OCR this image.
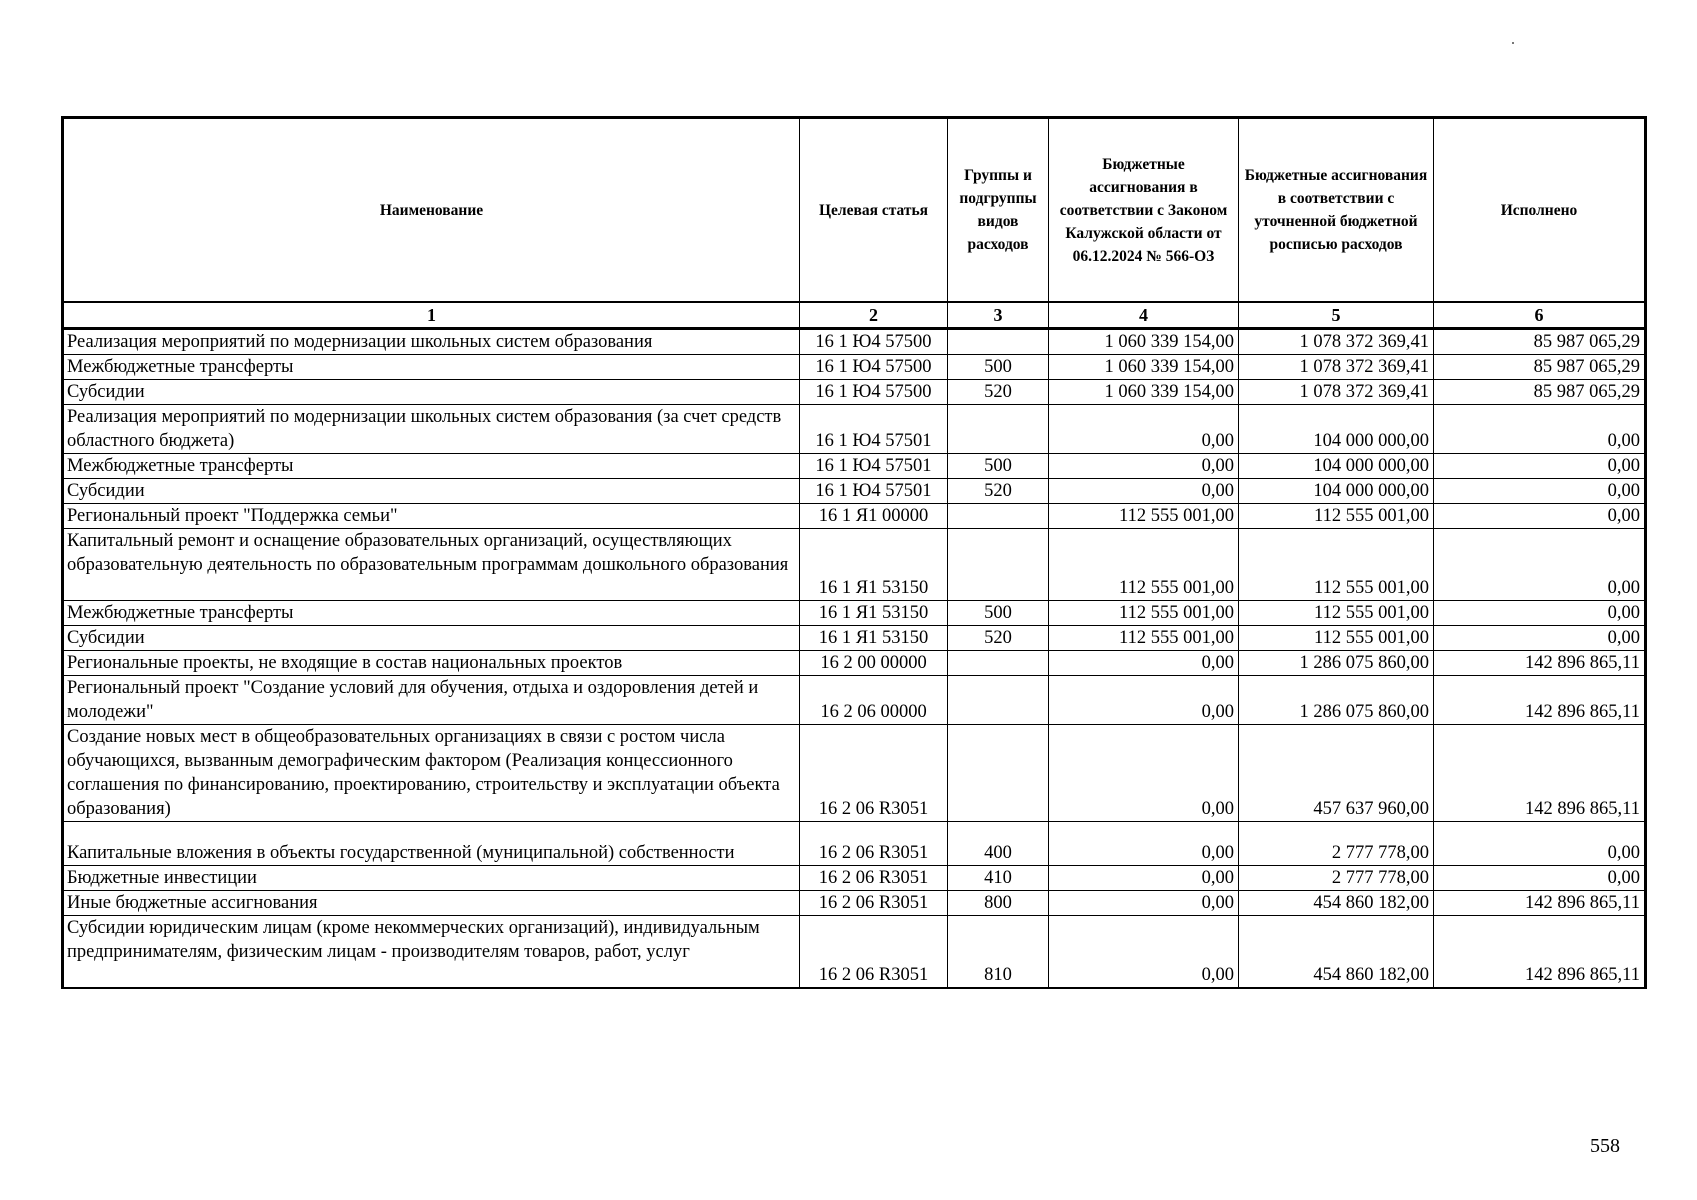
Наименование	Целевая статья	Группы и подгруппы видов расходов	Бюджетные ассигнования в соответствии с Законом Калужской области от 06.12.2024 № 566-ОЗ	Бюджетные ассигнования в соответствии с уточненной бюджетной росписью расходов	Исполнено
1	2	3	4	5	6
Реализация мероприятий по модернизации школьных систем образования	16 1 Ю4 57500		1 060 339 154,00	1 078 372 369,41	85 987 065,29
Межбюджетные трансферты	16 1 Ю4 57500	500	1 060 339 154,00	1 078 372 369,41	85 987 065,29
Субсидии	16 1 Ю4 57500	520	1 060 339 154,00	1 078 372 369,41	85 987 065,29
Реализация мероприятий по модернизации школьных систем образования (за счет средств областного бюджета)	16 1 Ю4 57501		0,00	104 000 000,00	0,00
Межбюджетные трансферты	16 1 Ю4 57501	500	0,00	104 000 000,00	0,00
Субсидии	16 1 Ю4 57501	520	0,00	104 000 000,00	0,00
Региональный проект "Поддержка семьи"	16 1 Я1 00000		112 555 001,00	112 555 001,00	0,00
Капитальный ремонт и оснащение образовательных организаций, осуществляющих образовательную деятельность по образовательным программам дошкольного образования	16 1 Я1 53150		112 555 001,00	112 555 001,00	0,00
Межбюджетные трансферты	16 1 Я1 53150	500	112 555 001,00	112 555 001,00	0,00
Субсидии	16 1 Я1 53150	520	112 555 001,00	112 555 001,00	0,00
Региональные проекты, не входящие в состав национальных проектов	16 2 00 00000		0,00	1 286 075 860,00	142 896 865,11
Региональный проект "Создание условий для обучения, отдыха и оздоровления детей и молодежи"	16 2 06 00000		0,00	1 286 075 860,00	142 896 865,11
Создание новых мест в общеобразовательных организациях в связи с ростом числа обучающихся, вызванным демографическим фактором (Реализация концессионного соглашения по финансированию, проектированию, строительству и эксплуатации объекта образования)	16 2 06 R3051		0,00	457 637 960,00	142 896 865,11
Капитальные вложения в объекты государственной (муниципальной) собственности	16 2 06 R3051	400	0,00	2 777 778,00	0,00
Бюджетные инвестиции	16 2 06 R3051	410	0,00	2 777 778,00	0,00
Иные бюджетные ассигнования	16 2 06 R3051	800	0,00	454 860 182,00	142 896 865,11
Субсидии юридическим лицам (кроме некоммерческих организаций), индивидуальным предпринимателям, физическим лицам - производителям товаров, работ, услуг	16 2 06 R3051	810	0,00	454 860 182,00	142 896 865,11
558
